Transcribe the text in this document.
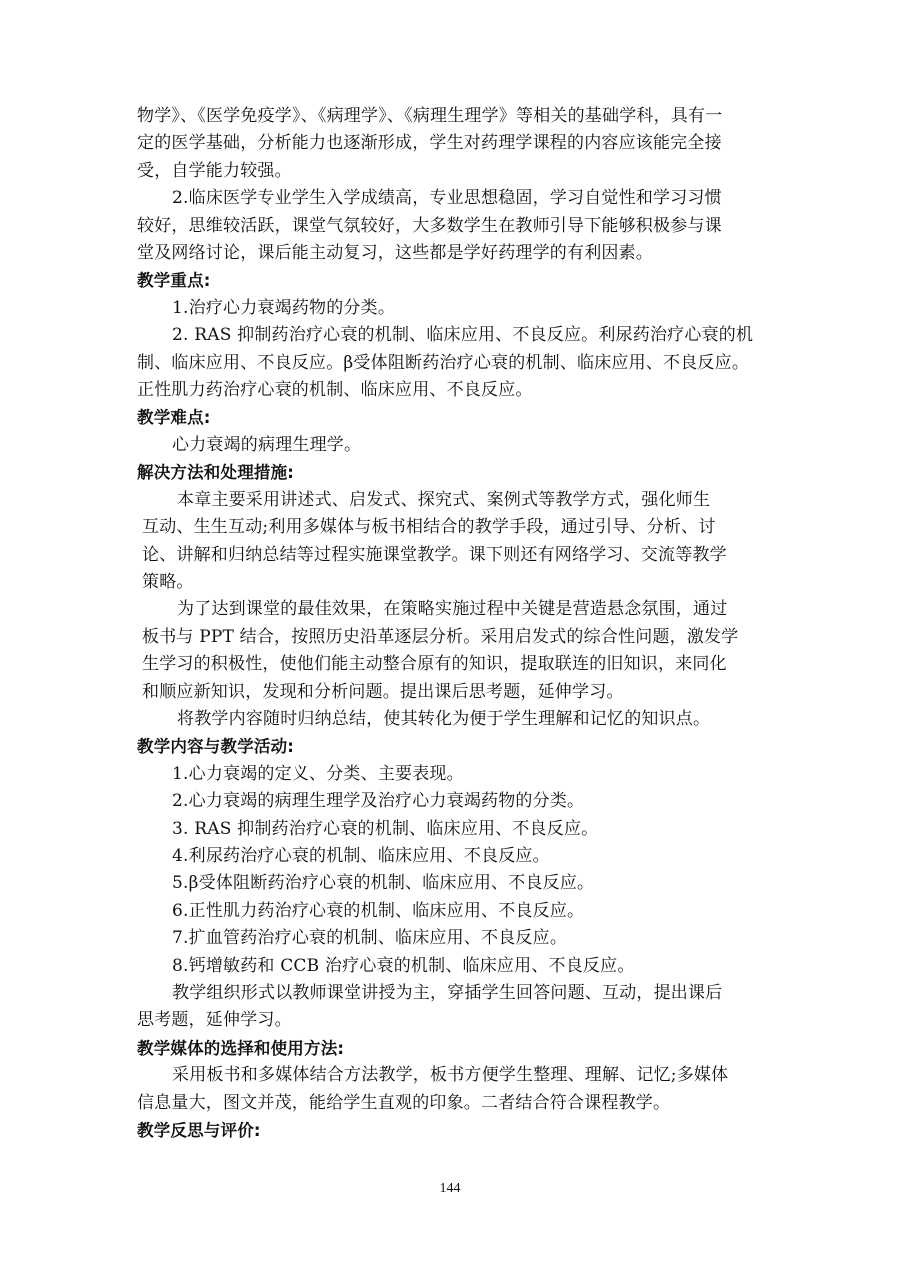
物学》、《医学免疫学》、《病理学》、《病理生理学》等相关的基础学科，具有一
定的医学基础，分析能力也逐渐形成，学生对药理学课程的内容应该能完全接
受，自学能力较强。
2.临床医学专业学生入学成绩高，专业思想稳固，学习自觉性和学习习惯
较好，思维较活跃，课堂气氛较好，大多数学生在教师引导下能够积极参与课
堂及网络讨论，课后能主动复习，这些都是学好药理学的有利因素。
教学重点:
1.治疗心力衰竭药物的分类。
2. RAS 抑制药治疗心衰的机制、临床应用、不良反应。利尿药治疗心衰的机
制、临床应用、不良反应。β受体阻断药治疗心衰的机制、临床应用、不良反应。
正性肌力药治疗心衰的机制、临床应用、不良反应。
教学难点:
心力衰竭的病理生理学。
解决方法和处理措施:
本章主要采用讲述式、启发式、探究式、案例式等教学方式，强化师生
互动、生生互动;利用多媒体与板书相结合的教学手段，通过引导、分析、讨
论、讲解和归纳总结等过程实施课堂教学。课下则还有网络学习、交流等教学
策略。
为了达到课堂的最佳效果，在策略实施过程中关键是营造悬念氛围，通过
板书与 PPT 结合，按照历史沿革逐层分析。采用启发式的综合性问题，激发学
生学习的积极性，使他们能主动整合原有的知识，提取联连的旧知识，来同化
和顺应新知识，发现和分析问题。提出课后思考题，延伸学习。
将教学内容随时归纳总结，使其转化为便于学生理解和记忆的知识点。
教学内容与教学活动:
1.心力衰竭的定义、分类、主要表现。
2.心力衰竭的病理生理学及治疗心力衰竭药物的分类。
3. RAS 抑制药治疗心衰的机制、临床应用、不良反应。
4.利尿药治疗心衰的机制、临床应用、不良反应。
5.β受体阻断药治疗心衰的机制、临床应用、不良反应。
6.正性肌力药治疗心衰的机制、临床应用、不良反应。
7.扩血管药治疗心衰的机制、临床应用、不良反应。
8.钙增敏药和 CCB 治疗心衰的机制、临床应用、不良反应。
教学组织形式以教师课堂讲授为主，穿插学生回答问题、互动，提出课后
思考题，延伸学习。
教学媒体的选择和使用方法:
采用板书和多媒体结合方法教学，板书方便学生整理、理解、记忆;多媒体
信息量大，图文并茂，能给学生直观的印象。二者结合符合课程教学。
教学反思与评价:
144
